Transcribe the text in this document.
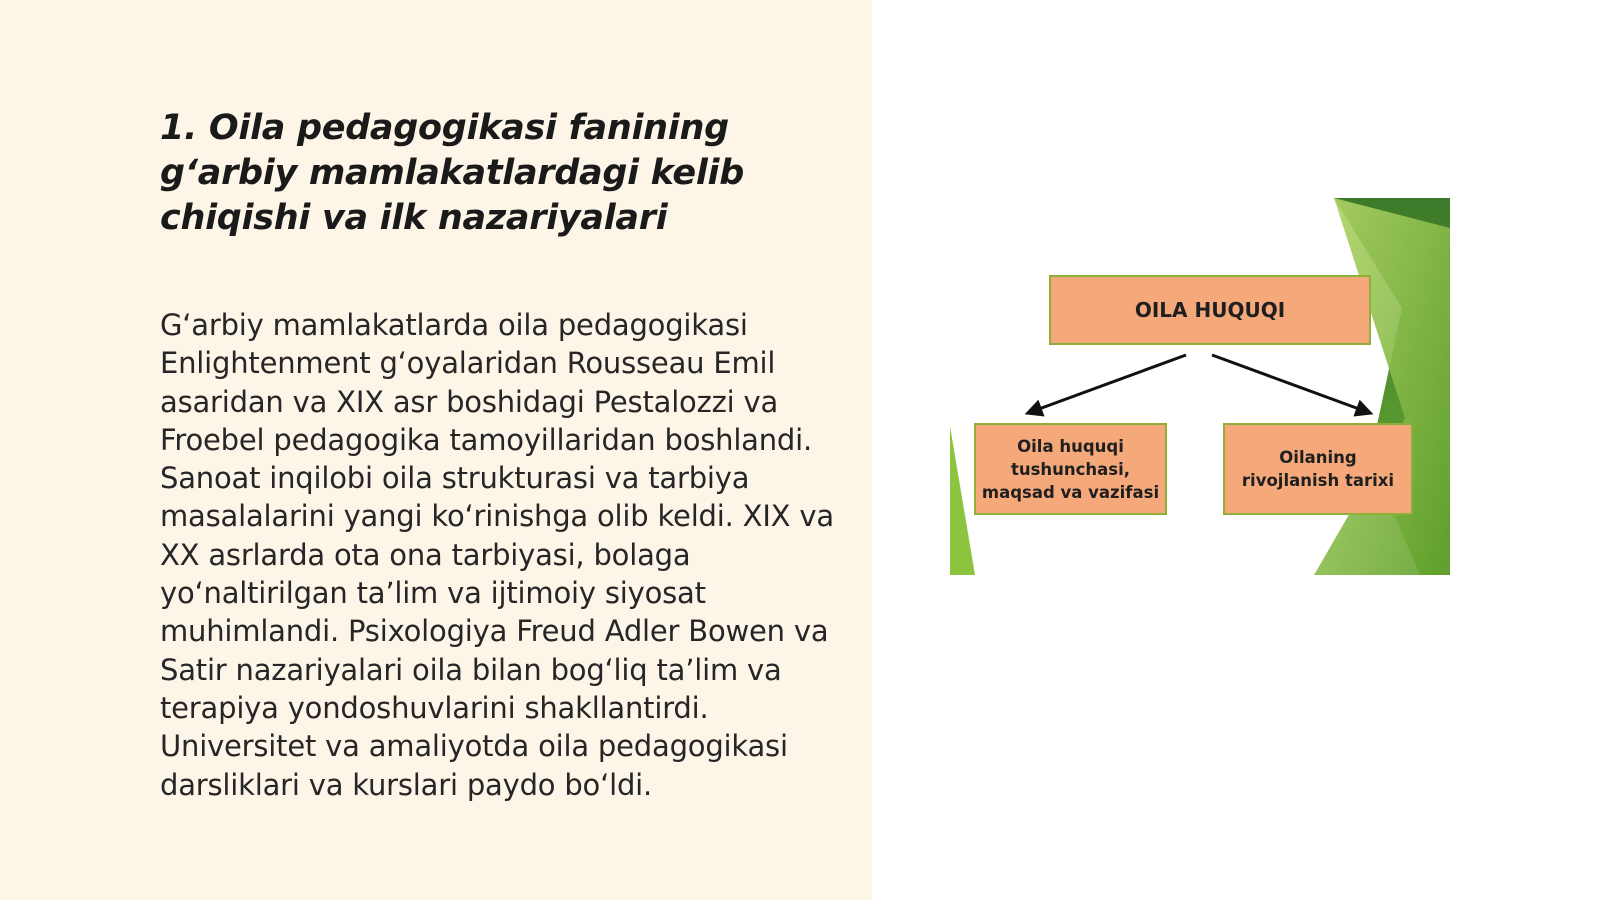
1. Oila pedagogikasi fanining g‘arbiy mamlakatlardagi kelib chiqishi va ilk nazariyalari

G‘arbiy mamlakatlarda oila pedagogikasi Enlightenment g‘oyalaridan Rousseau Emil asaridan va XIX asr boshidagi Pestalozzi va Froebel pedagogika tamoyillaridan boshlandi. Sanoat inqilobi oila strukturasi va tarbiya masalalarini yangi ko‘rinishga olib keldi. XIX va XX asrlarda ota ona tarbiyasi, bolaga yo‘naltirilgan ta’lim va ijtimoiy siyosat muhimlandi. Psixologiya Freud Adler Bowen va Satir nazariyalari oila bilan bog‘liq ta’lim va terapiya yondoshuvlarini shakllantirdi. Universitet va amaliyotda oila pedagogikasi darsliklari va kurslari paydo bo‘ldi.

OILA HUQUQI
Oila huquqi tushunchasi, maqsad va vazifasi
Oilaning rivojlanish tarixi
